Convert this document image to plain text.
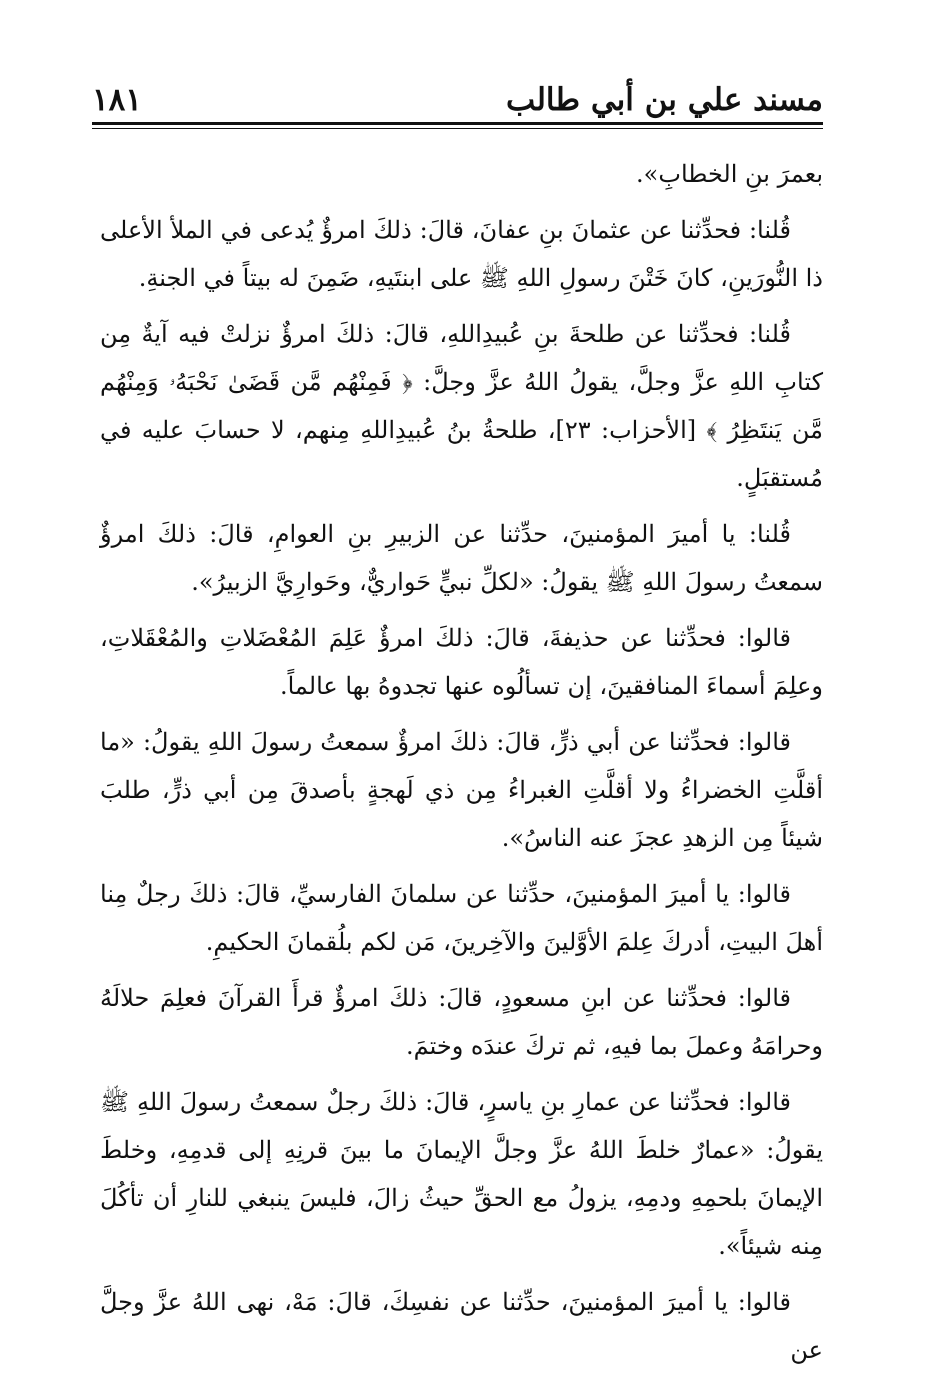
مسند علي بن أبي طالب
١٨١

بعمرَ بنِ الخطابِ».

قُلنا: فحدِّثنا عن عثمانَ بنِ عفانَ، قالَ: ذلكَ امرؤٌ يُدعى في الملأ الأعلى ذا النُّورَينِ، كانَ خَتْنَ رسولِ اللهِ ﷺ على ابنتَيهِ، ضَمِنَ له بيتاً في الجنةِ.

قُلنا: فحدِّثنا عن طلحةَ بنِ عُبيدِاللهِ، قالَ: ذلكَ امرؤٌ نزلتْ فيه آيةٌ مِن كتابِ اللهِ عزَّ وجلَّ، يقولُ اللهُ عزَّ وجلَّ: ﴿ فَمِنْهُم مَّن قَضَىٰ نَحْبَهُۥ وَمِنْهُم مَّن يَنتَظِرُ ﴾ [الأحزاب: ٢٣]، طلحةُ بنُ عُبيدِاللهِ مِنهم، لا حسابَ عليه في مُستقبَلٍ.

قُلنا: يا أميرَ المؤمنينَ، حدِّثنا عن الزبيرِ بنِ العوامِ، قالَ: ذلكَ امرؤٌ سمعتُ رسولَ اللهِ ﷺ يقولُ: «لكلِّ نبيٍّ حَواريٌّ، وحَوارِيَّ الزبيرُ».

قالوا: فحدِّثنا عن حذيفةَ، قالَ: ذلكَ امرؤٌ عَلِمَ المُعْضَلاتِ والمُعْقَلاتِ، وعلِمَ أسماءَ المنافقينَ، إن تسألُوه عنها تجدوهُ بها عالماً.

قالوا: فحدِّثنا عن أبي ذرٍّ، قالَ: ذلكَ امرؤٌ سمعتُ رسولَ اللهِ يقولُ: «ما أقلَّتِ الخضراءُ ولا أقلَّتِ الغبراءُ مِن ذي لَهجةٍ بأصدقَ مِن أبي ذرٍّ، طلبَ شيئاً مِن الزهدِ عجزَ عنه الناسُ».

قالوا: يا أميرَ المؤمنينَ، حدِّثنا عن سلمانَ الفارسيِّ، قالَ: ذلكَ رجلٌ مِنا أهلَ البيتِ، أدركَ عِلمَ الأوَّلينَ والآخِرينَ، مَن لكم بلُقمانَ الحكيمِ.

قالوا: فحدِّثنا عن ابنِ مسعودٍ، قالَ: ذلكَ امرؤٌ قرأَ القرآنَ فعلِمَ حلالَهُ وحرامَهُ وعملَ بما فيهِ، ثم تركَ عندَه وختمَ.

قالوا: فحدِّثنا عن عمارِ بنِ ياسرٍ، قالَ: ذلكَ رجلٌ سمعتُ رسولَ اللهِ ﷺ يقولُ: «عمارٌ خلطَ اللهُ عزَّ وجلَّ الإيمانَ ما بينَ قرنِهِ إلى قدمِهِ، وخلطَ الإيمانَ بلحمِهِ ودمِهِ، يزولُ مع الحقِّ حيثُ زالَ، فليسَ ينبغي للنارِ أن تأكُلَ مِنه شيئاً».

قالوا: يا أميرَ المؤمنينَ، حدِّثنا عن نفسِكَ، قالَ: مَهْ، نهى اللهُ عزَّ وجلَّ عن
